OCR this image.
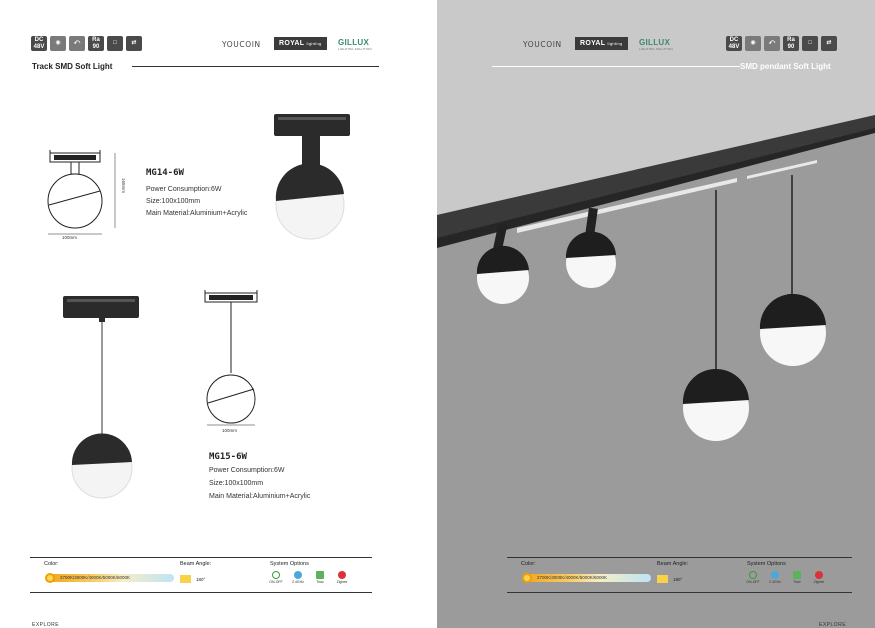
DC
48V
◉ ⤺
Ra
90
□ ⇄	YOUCOIN	ROYAL lighting	GILLUX
LIGHTING SOLUTION
Track SMD Soft Light
100mm
165mm
MG14-6W
Power Consumption:6W
Size:100x100mm
Main Material:Aluminium+Acrylic
100mm
MG15-6W
Power Consumption:6W
Size:100x100mm
Main Material:Aluminium+Acrylic
Color:
2700K/3000K/4000K/5000K/6000K
Beam Angle:
180°
System Options
ON-OFF	2.4GHz	Triac	Zigbee
EXPLORE
YOUCOIN	ROYAL lighting	GILLUX
LIGHTING SOLUTION
DC
48V
◉ ⤺
Ra
90
□ ⇄
SMD pendant Soft Light
Color:
2700K/3000K/4000K/5000K/6000K
Beam Angle:
180°
System Options
ON-OFF	2.4GHz	Triac	Zigbee
EXPLORE
